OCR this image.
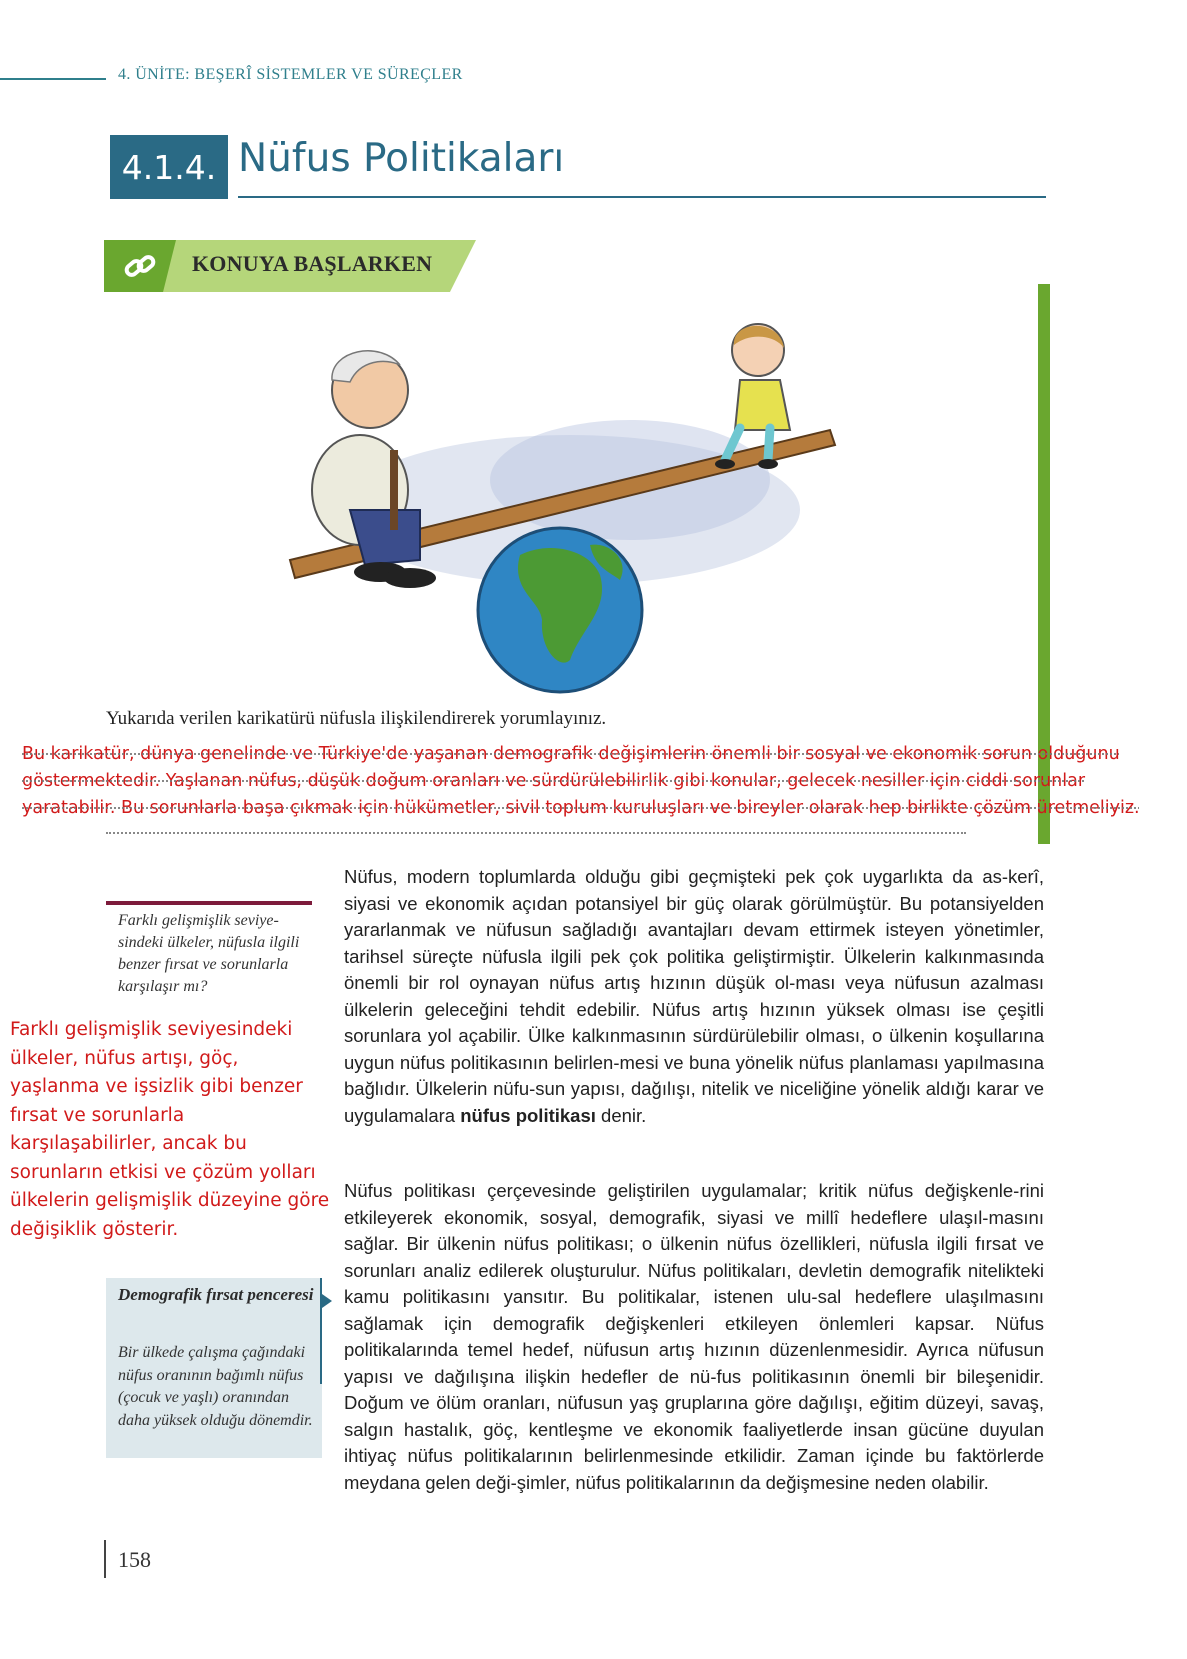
4. ÜNİTE: BEŞERÎ SİSTEMLER VE SÜREÇLER
4.1.4. Nüfus Politikaları
KONUYA BAŞLARKEN
Yukarıda verilen karikatürü nüfusla ilişkilendirerek yorumlayınız.
Bu karikatür, dünya genelinde ve Türkiye'de yaşanan demografik değişimlerin önemli bir sosyal ve ekonomik sorun olduğunu
göstermektedir. Yaşlanan nüfus, düşük doğum oranları ve sürdürülebilirlik gibi konular, gelecek nesiller için ciddi sorunlar
yaratabilir. Bu sorunlarla başa çıkmak için hükümetler, sivil toplum kuruluşları ve bireyler olarak hep birlikte çözüm üretmeliyiz.
Farklı gelişmişlik seviye-sindeki ülkeler, nüfusla ilgili benzer fırsat ve sorunlarla karşılaşır mı?
Farklı gelişmişlik seviyesindeki ülkeler, nüfus artışı, göç, yaşlanma ve işsizlik gibi benzer fırsat ve sorunlarla karşılaşabilirler, ancak bu sorunların etkisi ve çözüm yolları ülkelerin gelişmişlik düzeyine göre değişiklik gösterir.
Demografik fırsat penceresi
Bir ülkede çalışma çağındaki nüfus oranının bağımlı nüfus (çocuk ve yaşlı) oranından daha yüksek olduğu dönemdir.
Nüfus, modern toplumlarda olduğu gibi geçmişteki pek çok uygarlıkta da as-kerî, siyasi ve ekonomik açıdan potansiyel bir güç olarak görülmüştür. Bu potansiyelden yararlanmak ve nüfusun sağladığı avantajları devam ettirmek isteyen yönetimler, tarihsel süreçte nüfusla ilgili pek çok politika geliştirmiştir. Ülkelerin kalkınmasında önemli bir rol oynayan nüfus artış hızının düşük ol-ması veya nüfusun azalması ülkelerin geleceğini tehdit edebilir. Nüfus artış hızının yüksek olması ise çeşitli sorunlara yol açabilir. Ülke kalkınmasının sürdürülebilir olması, o ülkenin koşullarına uygun nüfus politikasının belirlen-mesi ve buna yönelik nüfus planlaması yapılmasına bağlıdır. Ülkelerin nüfu-sun yapısı, dağılışı, nitelik ve niceliğine yönelik aldığı karar ve uygulamalara nüfus politikası denir.
Nüfus politikası çerçevesinde geliştirilen uygulamalar; kritik nüfus değişkenle-rini etkileyerek ekonomik, sosyal, demografik, siyasi ve millî hedeflere ulaşıl-masını sağlar. Bir ülkenin nüfus politikası; o ülkenin nüfus özellikleri, nüfusla ilgili fırsat ve sorunları analiz edilerek oluşturulur. Nüfus politikaları, devletin demografik nitelikteki kamu politikasını yansıtır. Bu politikalar, istenen ulu-sal hedeflere ulaşılmasını sağlamak için demografik değişkenleri etkileyen önlemleri kapsar. Nüfus politikalarında temel hedef, nüfusun artış hızının düzenlenmesidir. Ayrıca nüfusun yapısı ve dağılışına ilişkin hedefler de nü-fus politikasının önemli bir bileşenidir. Doğum ve ölüm oranları, nüfusun yaş gruplarına göre dağılışı, eğitim düzeyi, savaş, salgın hastalık, göç, kentleşme ve ekonomik faaliyetlerde insan gücüne duyulan ihtiyaç nüfus politikalarının belirlenmesinde etkilidir. Zaman içinde bu faktörlerde meydana gelen deği-şimler, nüfus politikalarının da değişmesine neden olabilir.
158
